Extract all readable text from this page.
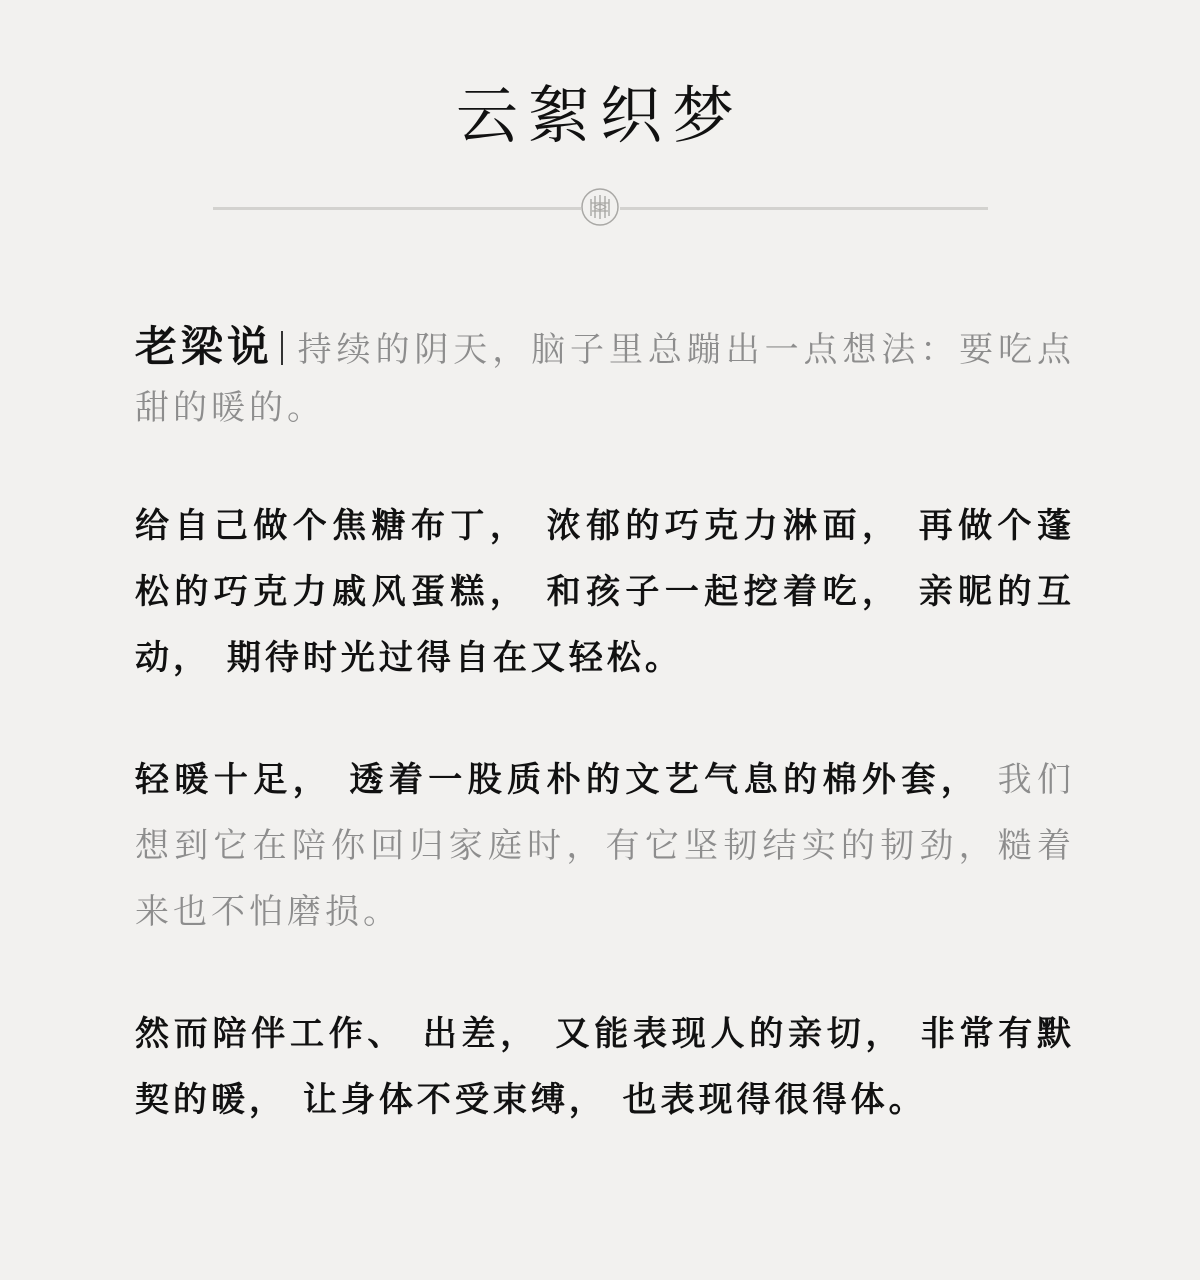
云絮织梦

老梁说 持续的阴天，脑子里总蹦出一点想法：要吃点甜的暖的。

给自己做个焦糖布丁， 浓郁的巧克力淋面， 再做个蓬松的巧克力戚风蛋糕， 和孩子一起挖着吃， 亲昵的互动， 期待时光过得自在又轻松。

轻暖十足， 透着一股质朴的文艺气息的棉外套， 我们想到它在陪你回归家庭时，有它坚韧结实的韧劲，糙着来也不怕磨损。

然而陪伴工作、 出差， 又能表现人的亲切， 非常有默契的暖， 让身体不受束缚， 也表现得很得体。
